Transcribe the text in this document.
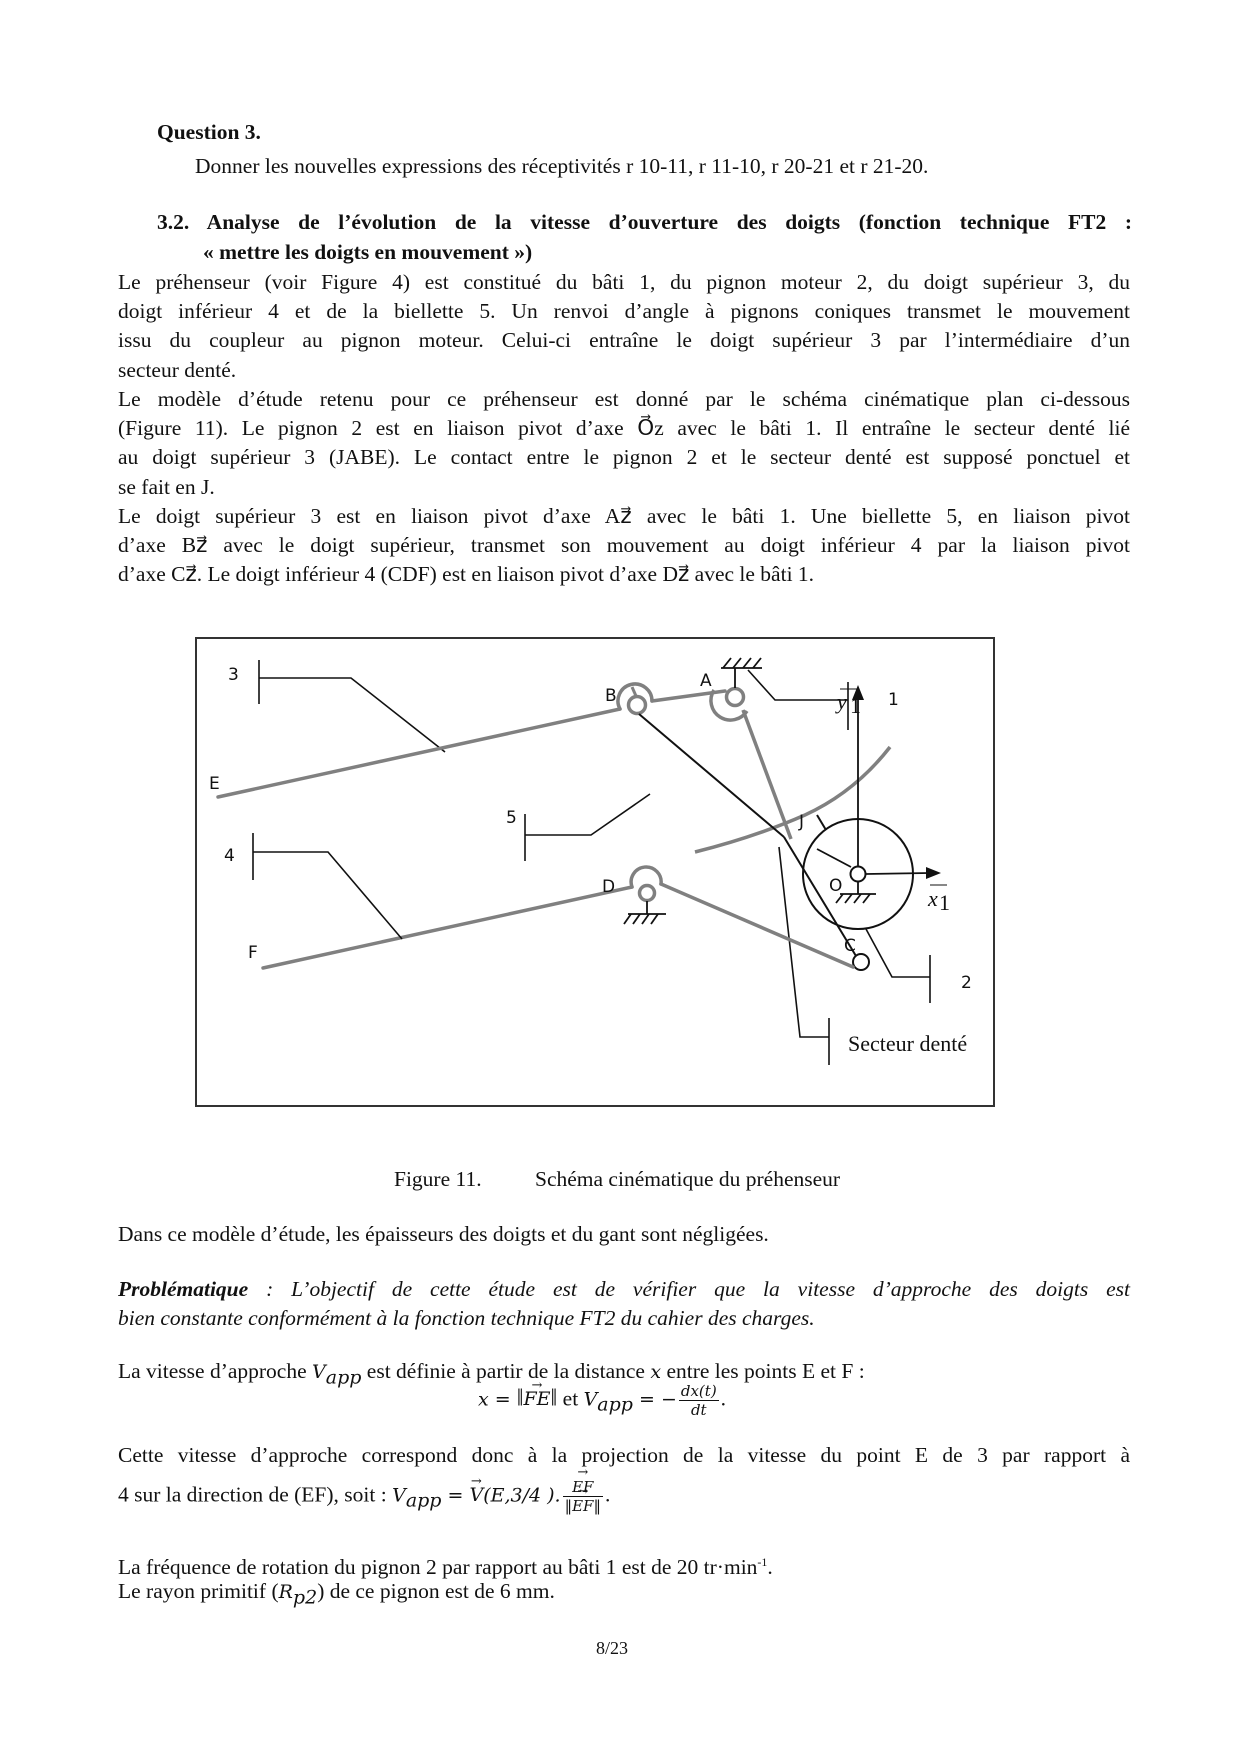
Question 3.
Donner les nouvelles expressions des réceptivités r 10-11, r 11-10, r 20-21 et r 21-20.
3.2. Analyse de l’évolution de la vitesse d’ouverture des doigts (fonction technique FT2 :
« mettre les doigts en mouvement »)
Le préhenseur (voir Figure 4) est constitué du bâti 1, du pignon moteur 2, du doigt supérieur 3, du
doigt inférieur 4 et de la biellette 5. Un renvoi d’angle à pignons coniques transmet le mouvement
issu du coupleur au pignon moteur. Celui-ci entraîne le doigt supérieur 3 par l’intermédiaire d’un
secteur denté.
Le modèle d’étude retenu pour ce préhenseur est donné par le schéma cinématique plan ci-dessous
(Figure 11). Le pignon 2 est en liaison pivot d’axe O⃗z avec le bâti 1. Il entraîne le secteur denté lié
au doigt supérieur 3 (JABE). Le contact entre le pignon 2 et le secteur denté est supposé ponctuel et
se fait en J.
Le doigt supérieur 3 est en liaison pivot d’axe Az⃗ avec le bâti 1. Une biellette 5, en liaison pivot
d’axe Bz⃗ avec le doigt supérieur, transmet son mouvement au doigt inférieur 4 par la liaison pivot
d’axe Cz⃗. Le doigt inférieur 4 (CDF) est en liaison pivot d’axe Dz⃗ avec le bâti 1.
3
B
A
1
Secteur denté
O
J
y 1
x 1
2
5
C
D
4
E
F
Figure 11. Schéma cinématique du préhenseur
Dans ce modèle d’étude, les épaisseurs des doigts et du gant sont négligées.
Problématique : L’objectif de cette étude est de vérifier que la vitesse d’approche des doigts est
bien constante conformément à la fonction technique FT2 du cahier des charges.
La vitesse d’approche $V_{app}$ est définie à partir de la distance x entre les points E et F :
x = ‖→ FE‖ et $V_{app}$ = − $\frac{dx(t)}{dt}$ .
Cette vitesse d’approche correspond donc à la projection de la vitesse du point E de 3 par rapport à
4 sur la direction de (EF), soit : $V_{app}$ = → V(E,3/4 ). → $\frac{EF}{‖\to EF‖}$ .
La fréquence de rotation du pignon 2 par rapport au bâti 1 est de 20 $tr\cdot\min^{-1}$.
Le rayon primitif $(R_{p2})$ de ce pignon est de 6 mm.
8/23
